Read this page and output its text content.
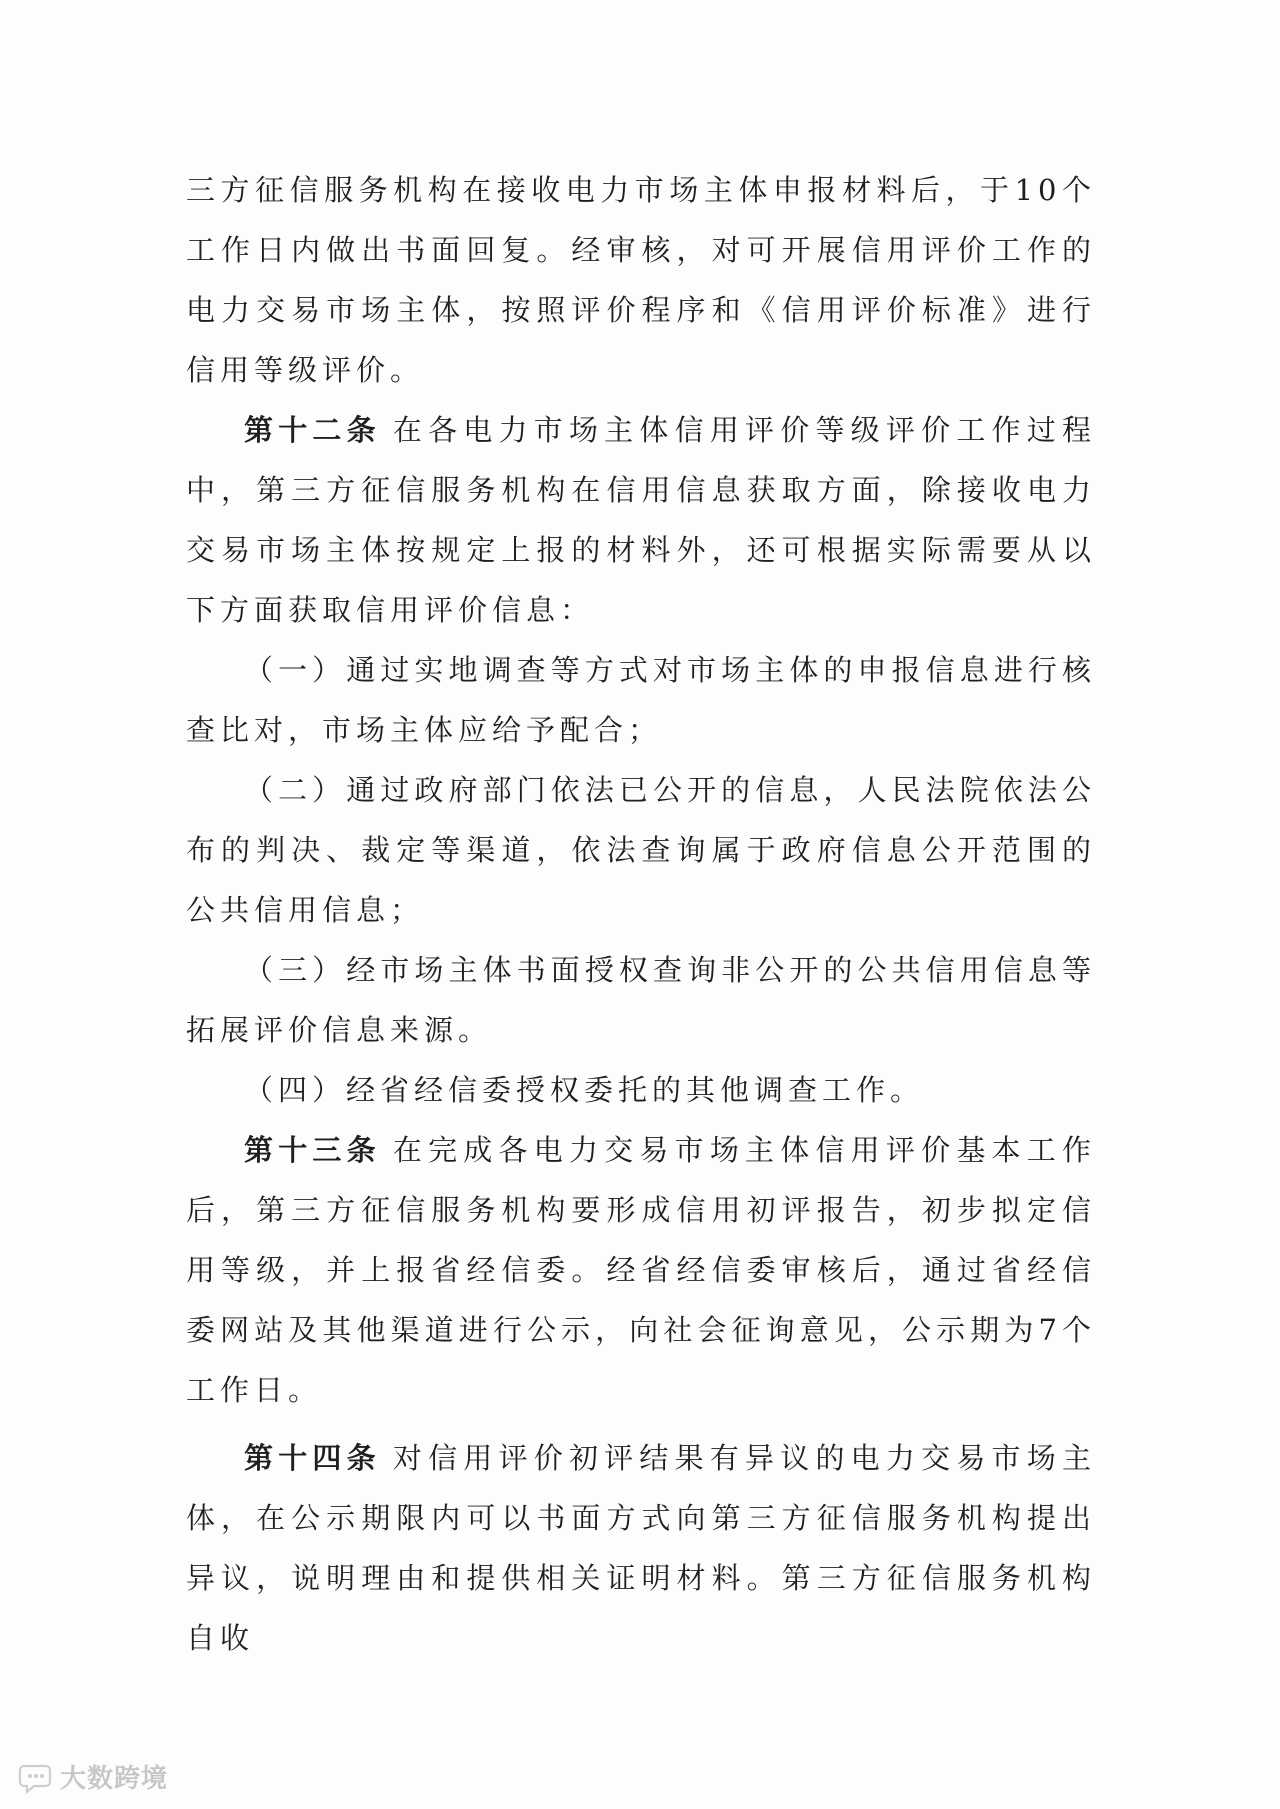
三方征信服务机构在接收电力市场主体申报材料后，于10个工作日内做出书面回复。经审核，对可开展信用评价工作的电力交易市场主体，按照评价程序和《信用评价标准》进行信用等级评价。

第十二条 在各电力市场主体信用评价等级评价工作过程中，第三方征信服务机构在信用信息获取方面，除接收电力交易市场主体按规定上报的材料外，还可根据实际需要从以下方面获取信用评价信息：

（一）通过实地调查等方式对市场主体的申报信息进行核查比对，市场主体应给予配合；

（二）通过政府部门依法已公开的信息，人民法院依法公布的判决、裁定等渠道，依法查询属于政府信息公开范围的公共信用信息；

（三）经市场主体书面授权查询非公开的公共信用信息等拓展评价信息来源。

（四）经省经信委授权委托的其他调查工作。

第十三条 在完成各电力交易市场主体信用评价基本工作后，第三方征信服务机构要形成信用初评报告，初步拟定信用等级，并上报省经信委。经省经信委审核后，通过省经信委网站及其他渠道进行公示，向社会征询意见，公示期为7个工作日。

第十四条 对信用评价初评结果有异议的电力交易市场主体，在公示期限内可以书面方式向第三方征信服务机构提出异议，说明理由和提供相关证明材料。第三方征信服务机构自收

大数跨境
